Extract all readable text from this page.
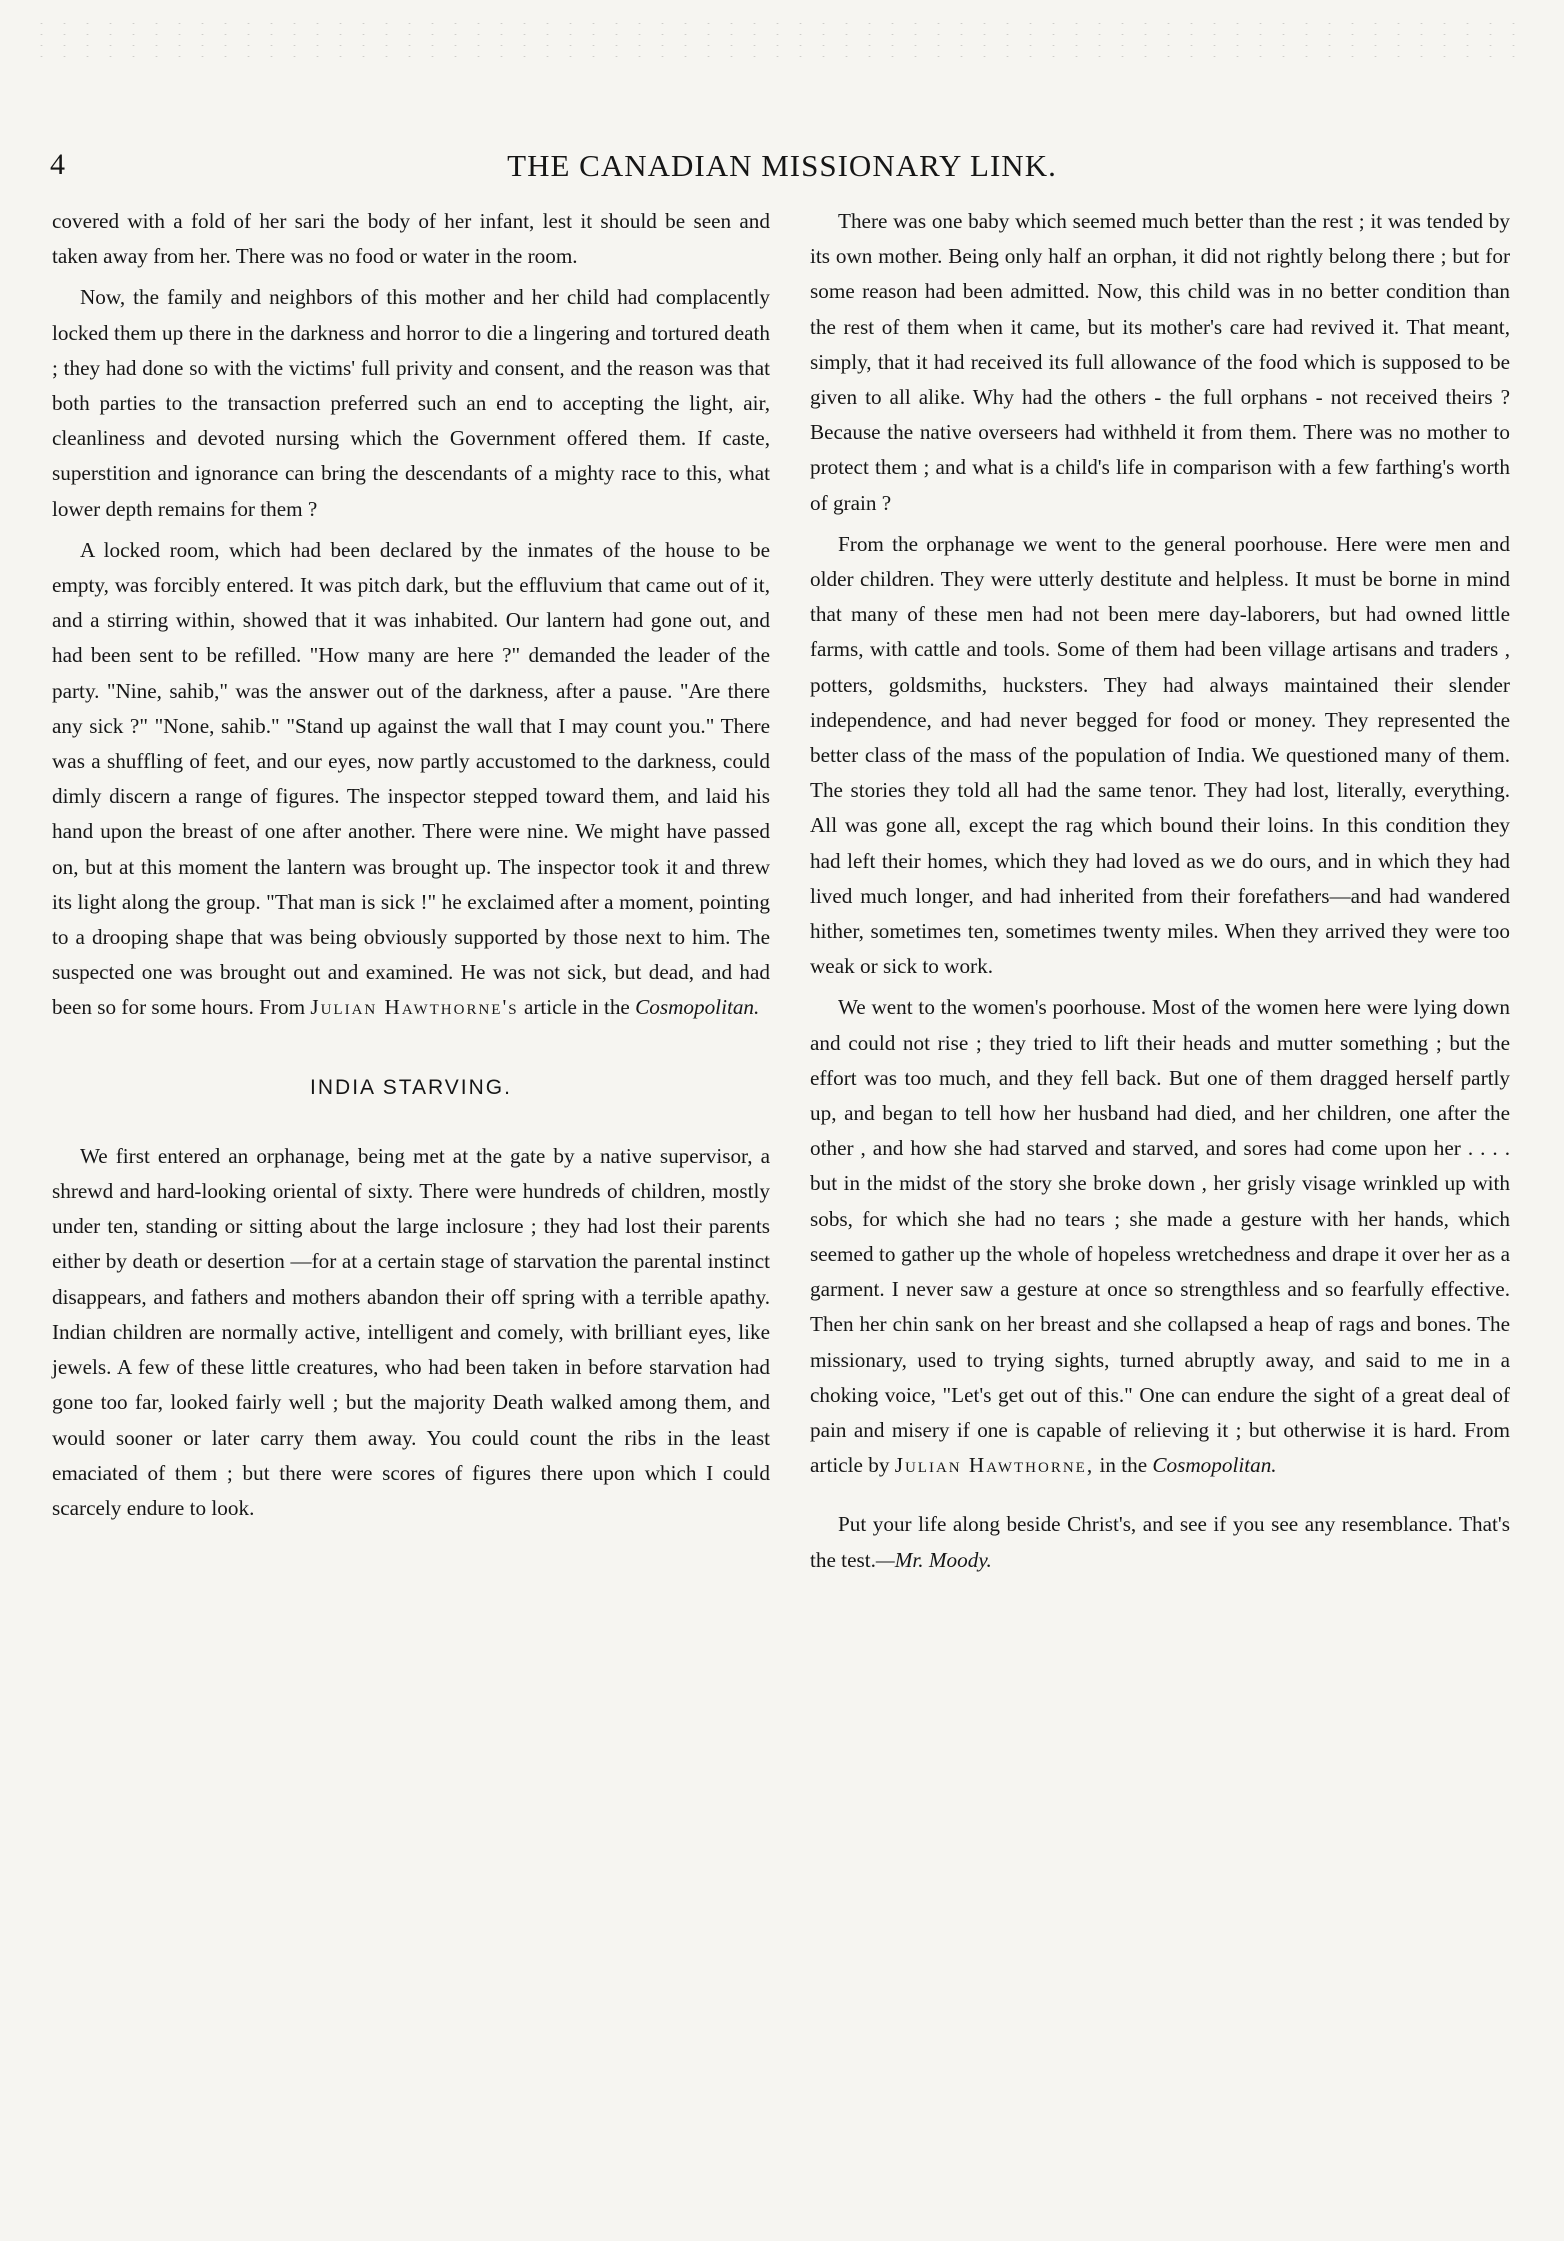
4	THE CANADIAN MISSIONARY LINK.

covered with a fold of her sari the body of her infant, lest it should be seen and taken away from her. There was no food or water in the room.

Now, the family and neighbors of this mother and her child had complacently locked them up there in the darkness and horror to die a lingering and tortured death ; they had done so with the victims' full privity and consent, and the reason was that both parties to the transaction preferred such an end to accepting the light, air, cleanliness and devoted nursing which the Government offered them. If caste, superstition and ignorance can bring the descendants of a mighty race to this, what lower depth remains for them ?

A locked room, which had been declared by the inmates of the house to be empty, was forcibly entered. It was pitch dark, but the effluvium that came out of it, and a stirring within, showed that it was inhabited. Our lantern had gone out, and had been sent to be refilled. "How many are here ?" demanded the leader of the party. "Nine, sahib," was the answer out of the darkness, after a pause. "Are there any sick ?" "None, sahib." "Stand up against the wall that I may count you." There was a shuffling of feet, and our eyes, now partly accustomed to the darkness, could dimly discern a range of figures. The inspector stepped toward them, and laid his hand upon the breast of one after another. There were nine. We might have passed on, but at this moment the lantern was brought up. The inspector took it and threw its light along the group. "That man is sick !" he exclaimed after a moment, pointing to a drooping shape that was being obviously supported by those next to him. The suspected one was brought out and examined. He was not sick, but dead, and had been so for some hours. From Julian Hawthorne's article in the Cosmopolitan.

INDIA STARVING.

We first entered an orphanage, being met at the gate by a native supervisor, a shrewd and hard-looking oriental of sixty. There were hundreds of children, mostly under ten, standing or sitting about the large inclosure ; they had lost their parents either by death or desertion —for at a certain stage of starvation the parental instinct disappears, and fathers and mothers abandon their off spring with a terrible apathy. Indian children are normally active, intelligent and comely, with brilliant eyes, like jewels. A few of these little creatures, who had been taken in before starvation had gone too far, looked fairly well ; but the majority Death walked among them, and would sooner or later carry them away. You could count the ribs in the least emaciated of them ; but there were scores of figures there upon which I could scarcely endure to look.

There was one baby which seemed much better than the rest ; it was tended by its own mother. Being only half an orphan, it did not rightly belong there ; but for some reason had been admitted. Now, this child was in no better condition than the rest of them when it came, but its mother's care had revived it. That meant, simply, that it had received its full allowance of the food which is supposed to be given to all alike. Why had the others - the full orphans - not received theirs ? Because the native overseers had withheld it from them. There was no mother to protect them ; and what is a child's life in comparison with a few farthing's worth of grain ?

From the orphanage we went to the general poorhouse. Here were men and older children. They were utterly destitute and helpless. It must be borne in mind that many of these men had not been mere day-laborers, but had owned little farms, with cattle and tools. Some of them had been village artisans and traders , potters, goldsmiths, hucksters. They had always maintained their slender independence, and had never begged for food or money. They represented the better class of the mass of the population of India. We questioned many of them. The stories they told all had the same tenor. They had lost, literally, everything. All was gone all, except the rag which bound their loins. In this condition they had left their homes, which they had loved as we do ours, and in which they had lived much longer, and had inherited from their forefathers—and had wandered hither, sometimes ten, sometimes twenty miles. When they arrived they were too weak or sick to work.

We went to the women's poorhouse. Most of the women here were lying down and could not rise ; they tried to lift their heads and mutter something ; but the effort was too much, and they fell back. But one of them dragged herself partly up, and began to tell how her husband had died, and her children, one after the other , and how she had starved and starved, and sores had come upon her . . . . but in the midst of the story she broke down , her grisly visage wrinkled up with sobs, for which she had no tears ; she made a gesture with her hands, which seemed to gather up the whole of hopeless wretchedness and drape it over her as a garment. I never saw a gesture at once so strengthless and so fearfully effective. Then her chin sank on her breast and she collapsed a heap of rags and bones. The missionary, used to trying sights, turned abruptly away, and said to me in a choking voice, "Let's get out of this." One can endure the sight of a great deal of pain and misery if one is capable of relieving it ; but otherwise it is hard. From article by Julian Hawthorne, in the Cosmopolitan.

Put your life along beside Christ's, and see if you see any resemblance. That's the test.—Mr. Moody.
